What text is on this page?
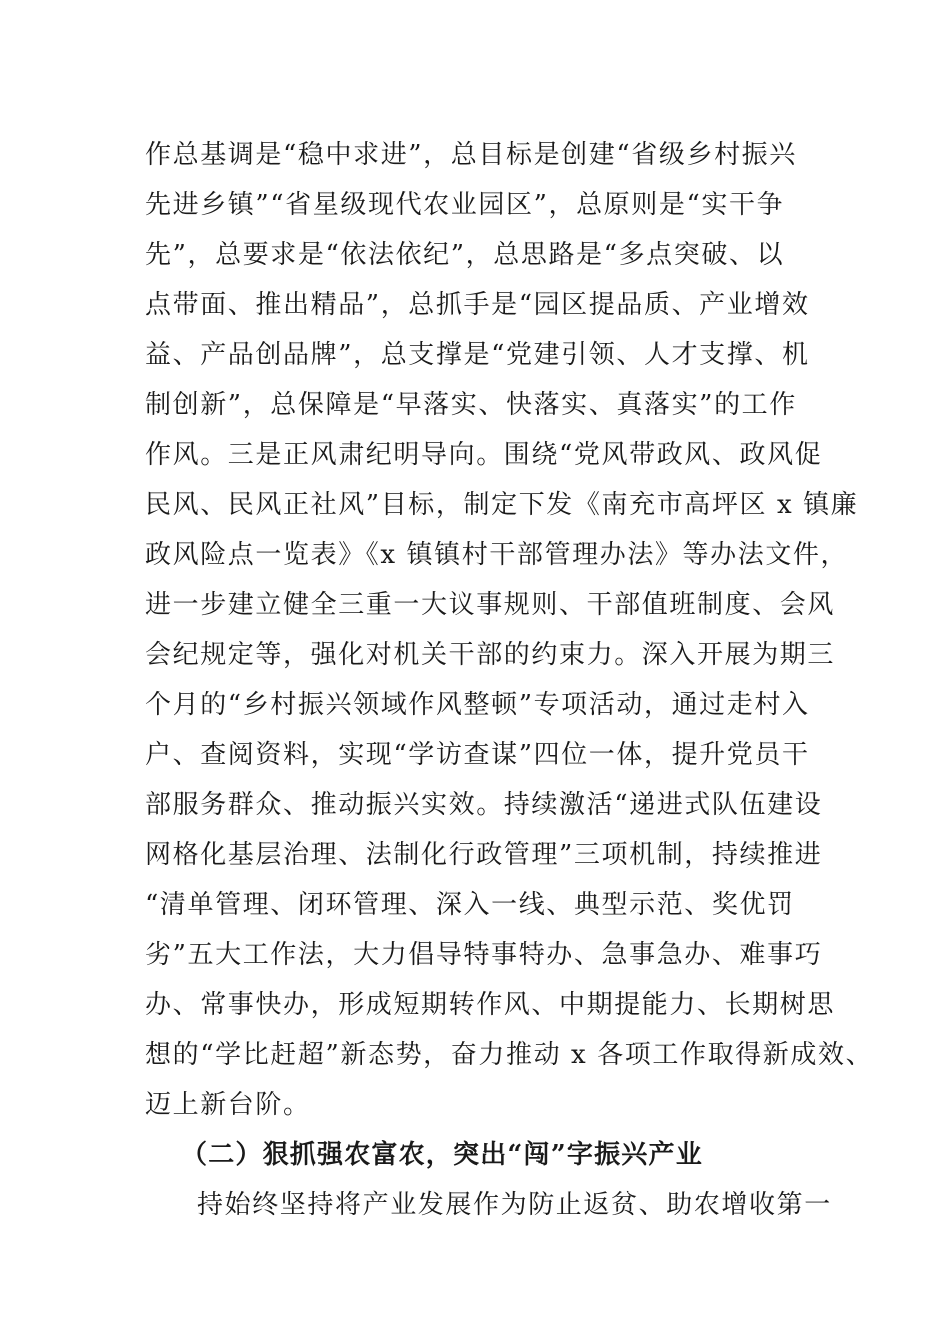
作总基调是“稳中求进”，总目标是创建“省级乡村振兴
先进乡镇”“省星级现代农业园区”，总原则是“实干争
先”，总要求是“依法依纪”，总思路是“多点突破、以
点带面、推出精品”，总抓手是“园区提品质、产业增效
益、产品创品牌”，总支撑是“党建引领、人才支撑、机
制创新”，总保障是“早落实、快落实、真落实”的工作
作风。三是正风肃纪明导向。围绕“党风带政风、政风促
民风、民风正社风”目标，制定下发《南充市高坪区 x 镇廉
政风险点一览表》《x 镇镇村干部管理办法》等办法文件，
进一步建立健全三重一大议事规则、干部值班制度、会风
会纪规定等，强化对机关干部的约束力。深入开展为期三
个月的“乡村振兴领域作风整顿”专项活动，通过走村入
户、查阅资料，实现“学访查谋”四位一体，提升党员干
部服务群众、推动振兴实效。持续激活“递进式队伍建设
网格化基层治理、法制化行政管理”三项机制，持续推进
“清单管理、闭环管理、深入一线、典型示范、奖优罚
劣”五大工作法，大力倡导特事特办、急事急办、难事巧
办、常事快办，形成短期转作风、中期提能力、长期树思
想的“学比赶超”新态势，奋力推动 x 各项工作取得新成效、
迈上新台阶。
（二）狠抓强农富农，突出“闯”字振兴产业
持始终坚持将产业发展作为防止返贫、助农增收第一
